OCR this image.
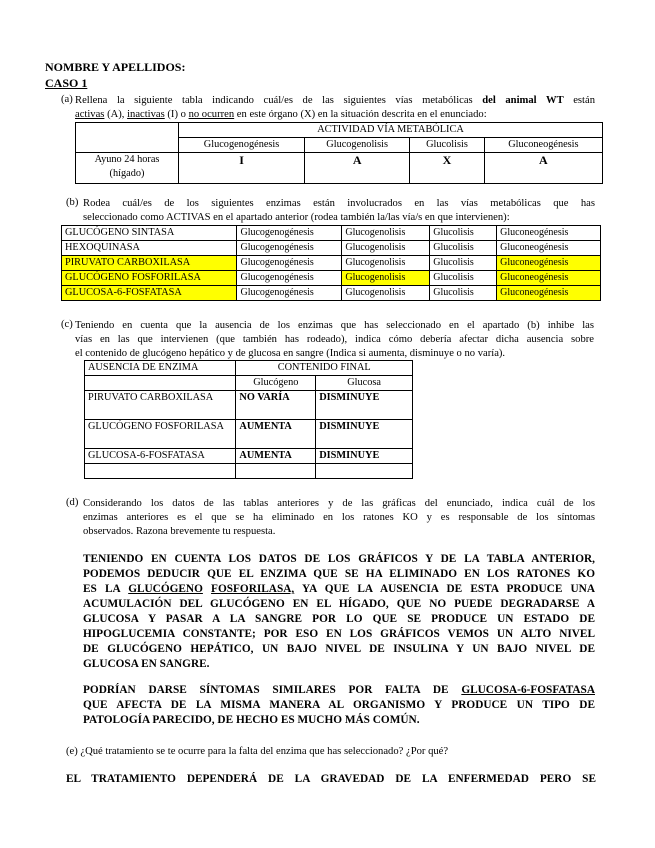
NOMBRE Y APELLIDOS:
CASO 1
(a) Rellena la siguiente tabla indicando cuál/es de las siguientes vías metabólicas del animal WT están
activas (A), inactivas (I) o no ocurren en este órgano (X) en la situación descrita en el enunciado:
	ACTIVIDAD VÍA METABÓLICA			
	Glucogenogénesis	Glucogenolisis	Glucolisis	Gluconeogénesis
Ayuno 24 horas (hígado)	I	A	X	A
(b) Rodea cuál/es de los siguientes enzimas están involucrados en las vías metabólicas que has
seleccionado como ACTIVAS en el apartado anterior (rodea también la/las vía/s en que intervienen):
GLUCÓGENO SINTASA	Glucogenogénesis	Glucogenolisis	Glucolisis	Gluconeogénesis
HEXOQUINASA	Glucogenogénesis	Glucogenolisis	Glucolisis	Gluconeogénesis
PIRUVATO CARBOXILASA	Glucogenogénesis	Glucogenolisis	Glucolisis	Gluconeogénesis
GLUCÓGENO FOSFORILASA	Glucogenogénesis	Glucogenolisis	Glucolisis	Gluconeogénesis
GLUCOSA-6-FOSFATASA	Glucogenogénesis	Glucogenolisis	Glucolisis	Gluconeogénesis
(c) Teniendo en cuenta que la ausencia de los enzimas que has seleccionado en el apartado (b) inhibe las
vías en las que intervienen (que también has rodeado), indica cómo debería afectar dicha ausencia sobre
el contenido de glucógeno hepático y de glucosa en sangre (Indica si aumenta, disminuye o no varía).
AUSENCIA DE ENZIMA	CONTENIDO FINAL	
	Glucógeno	Glucosa
PIRUVATO CARBOXILASA	NO VARÍA	DISMINUYE
GLUCÓGENO FOSFORILASA	AUMENTA	DISMINUYE
GLUCOSA-6-FOSFATASA	AUMENTA	DISMINUYE

(d) Considerando los datos de las tablas anteriores y de las gráficas del enunciado, indica cuál de los
enzimas anteriores es el que se ha eliminado en los ratones KO y es responsable de los síntomas
observados. Razona brevemente tu respuesta.
TENIENDO EN CUENTA LOS DATOS DE LOS GRÁFICOS Y DE LA TABLA ANTERIOR,
PODEMOS DEDUCIR QUE EL ENZIMA QUE SE HA ELIMINADO EN LOS RATONES KO
ES LA GLUCÓGENO FOSFORILASA, YA QUE LA AUSENCIA DE ESTA PRODUCE UNA
ACUMULACIÓN DEL GLUCÓGENO EN EL HÍGADO, QUE NO PUEDE DEGRADARSE A
GLUCOSA Y PASAR A LA SANGRE POR LO QUE SE PRODUCE UN ESTADO DE
HIPOGLUCEMIA CONSTANTE; POR ESO EN LOS GRÁFICOS VEMOS UN ALTO NIVEL
DE GLUCÓGENO HEPÁTICO, UN BAJO NIVEL DE INSULINA Y UN BAJO NIVEL DE
GLUCOSA EN SANGRE.
PODRÍAN DARSE SÍNTOMAS SIMILARES POR FALTA DE GLUCOSA-6-FOSFATASA
QUE AFECTA DE LA MISMA MANERA AL ORGANISMO Y PRODUCE UN TIPO DE
PATOLOGÍA PARECIDO, DE HECHO ES MUCHO MÁS COMÚN.
(e) ¿Qué tratamiento se te ocurre para la falta del enzima que has seleccionado? ¿Por qué?
EL TRATAMIENTO DEPENDERÁ DE LA GRAVEDAD DE LA ENFERMEDAD PERO SE
